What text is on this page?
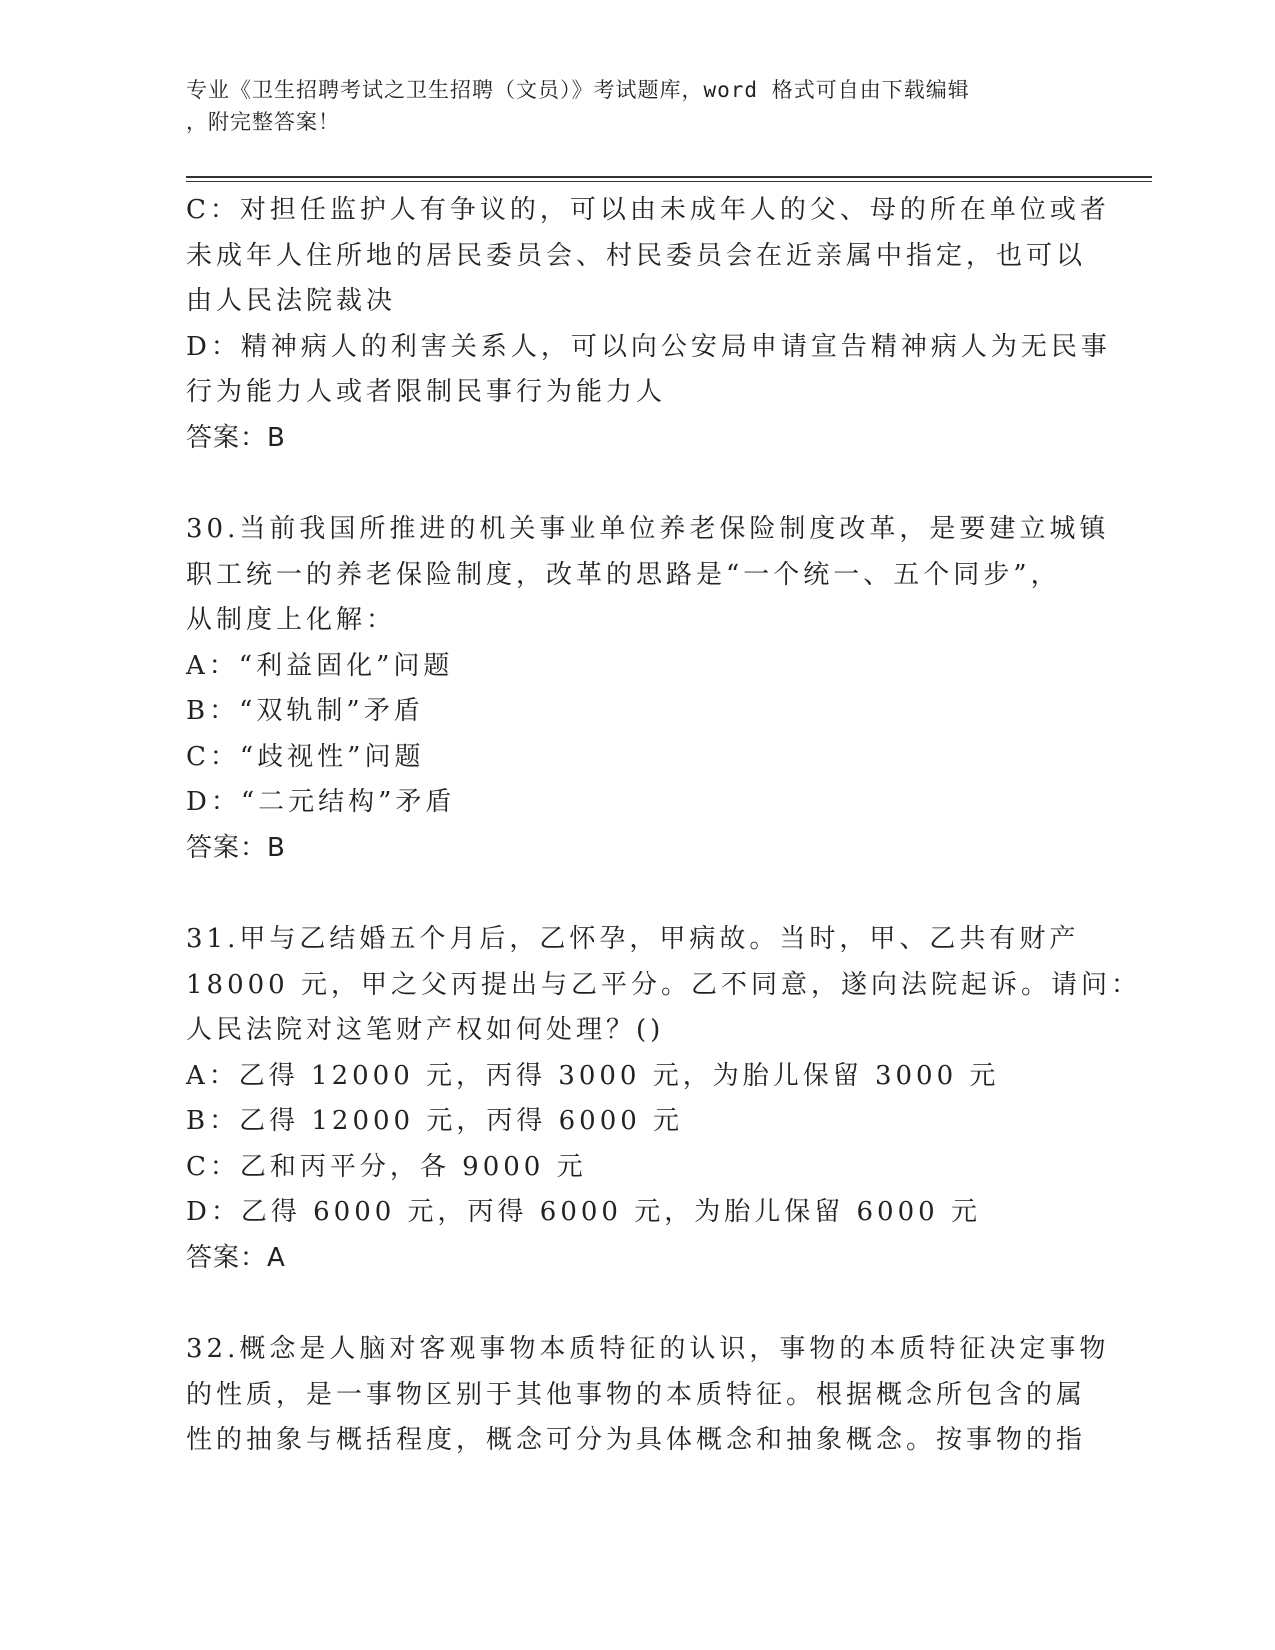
专业《卫生招聘考试之卫生招聘（文员）》考试题库，word 格式可自由下载编辑
，附完整答案！
C：对担任监护人有争议的，可以由未成年人的父、母的所在单位或者
未成年人住所地的居民委员会、村民委员会在近亲属中指定，也可以
由人民法院裁决
D：精神病人的利害关系人，可以向公安局申请宣告精神病人为无民事
行为能力人或者限制民事行为能力人
答案：B
30.当前我国所推进的机关事业单位养老保险制度改革，是要建立城镇
职工统一的养老保险制度，改革的思路是“一个统一、五个同步”，
从制度上化解：
A：“利益固化”问题
B：“双轨制”矛盾
C：“歧视性”问题
D：“二元结构”矛盾
答案：B
31.甲与乙结婚五个月后，乙怀孕，甲病故。当时，甲、乙共有财产
18000 元，甲之父丙提出与乙平分。乙不同意，遂向法院起诉。请问：
人民法院对这笔财产权如何处理？()
A：乙得 12000 元，丙得 3000 元，为胎儿保留 3000 元
B：乙得 12000 元，丙得 6000 元
C：乙和丙平分，各 9000 元
D：乙得 6000 元，丙得 6000 元，为胎儿保留 6000 元
答案：A
32.概念是人脑对客观事物本质特征的认识，事物的本质特征决定事物
的性质，是一事物区别于其他事物的本质特征。根据概念所包含的属
性的抽象与概括程度，概念可分为具体概念和抽象概念。按事物的指
